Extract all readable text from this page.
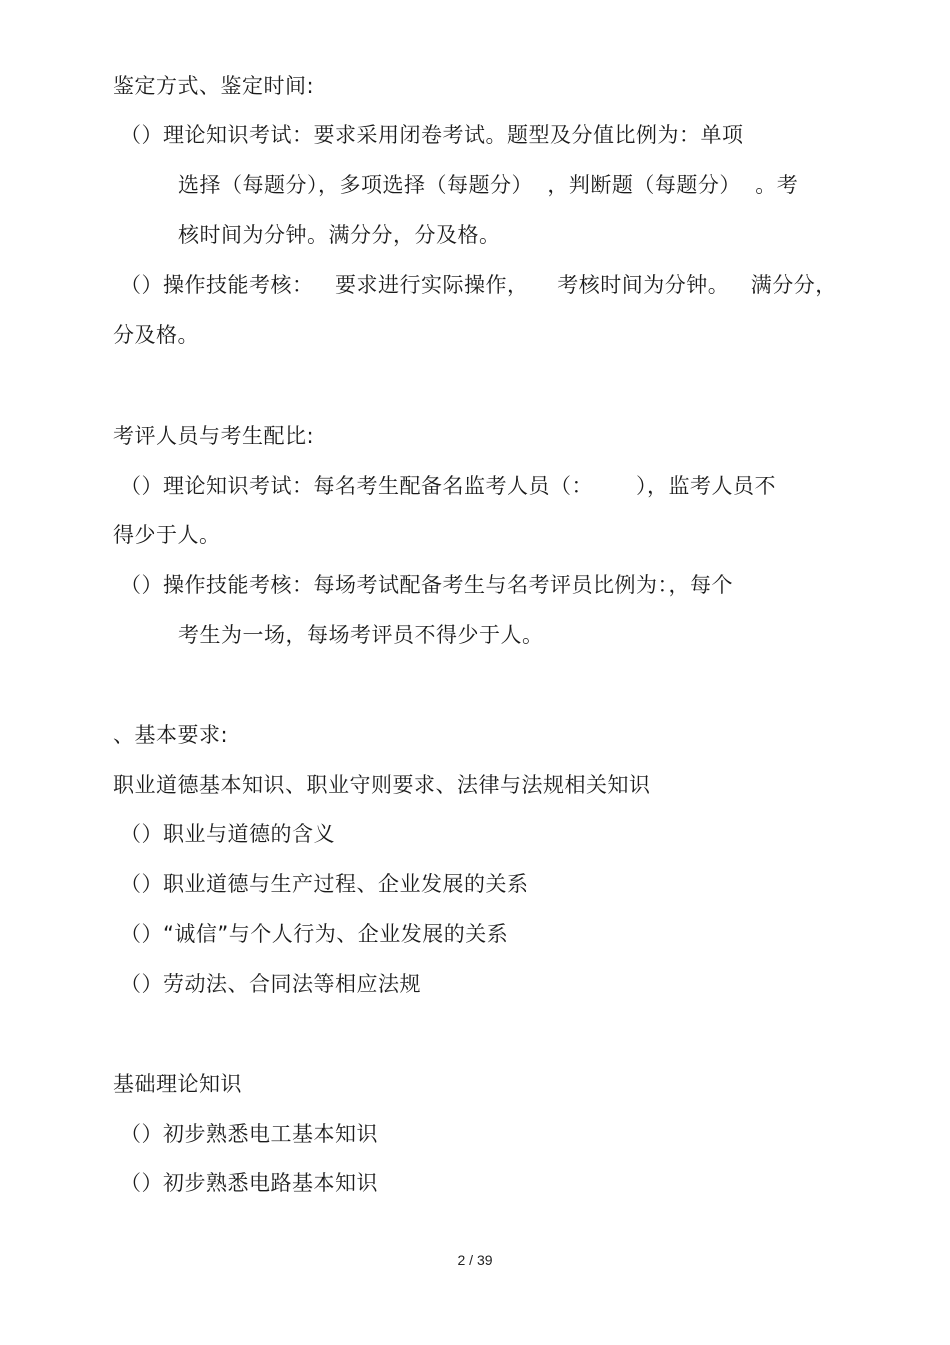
鉴定方式、鉴定时间:
（）理论知识考试：要求采用闭卷考试。题型及分值比例为：单项
选择（每题分），多项选择（每题分）  ，判断题（每题分）  。考
核时间为分钟。满分分，分及格。
（）操作技能考核：   要求进行实际操作，    考核时间为分钟。   满分分，
分及格。
考评人员与考生配比:
（）理论知识考试：每名考生配备名监考人员（：      ），监考人员不
得少于人。
（）操作技能考核：每场考试配备考生与名考评员比例为：，每个
考生为一场，每场考评员不得少于人。
、基本要求:
职业道德基本知识、职业守则要求、法律与法规相关知识
（）职业与道德的含义
（）职业道德与生产过程、企业发展的关系
（）“诚信”与个人行为、企业发展的关系
（）劳动法、合同法等相应法规
基础理论知识
（）初步熟悉电工基本知识
（）初步熟悉电路基本知识
2 / 39
